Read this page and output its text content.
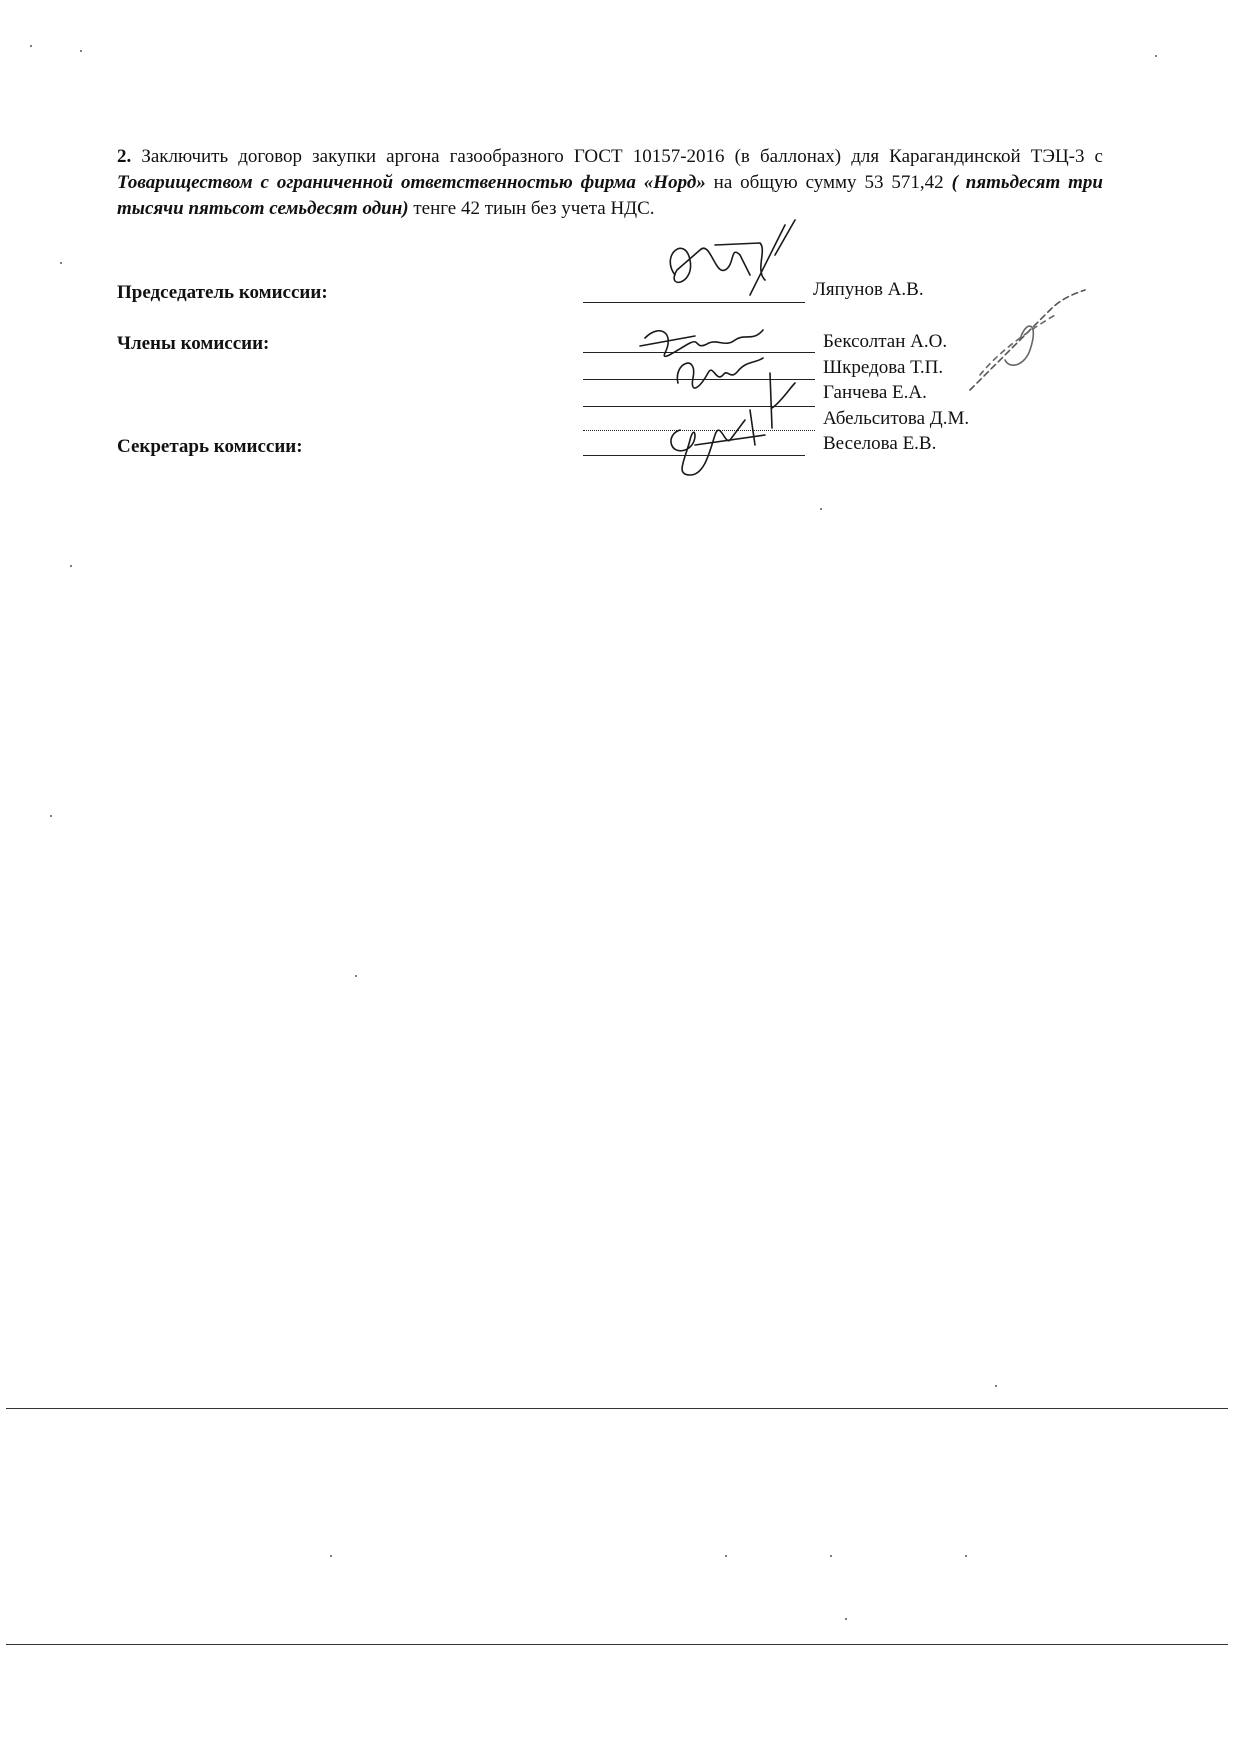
2. Заключить договор закупки аргона газообразного ГОСТ 10157-2016 (в баллонах) для Карагандинской ТЭЦ-3 с Товариществом с ограниченной ответственностью фирма «Норд» на общую сумму 53 571,42 ( пятьдесят три тысячи пятьсот семьдесят один) тенге 42 тиын без учета НДС.

Председатель комиссии:
Члены комиссии:
Секретарь комиссии:
Ляпунов А.В.
Бексолтан А.О.
Шкредова Т.П.
Ганчева Е.А.
Абельситова Д.М.
Веселова Е.В.
